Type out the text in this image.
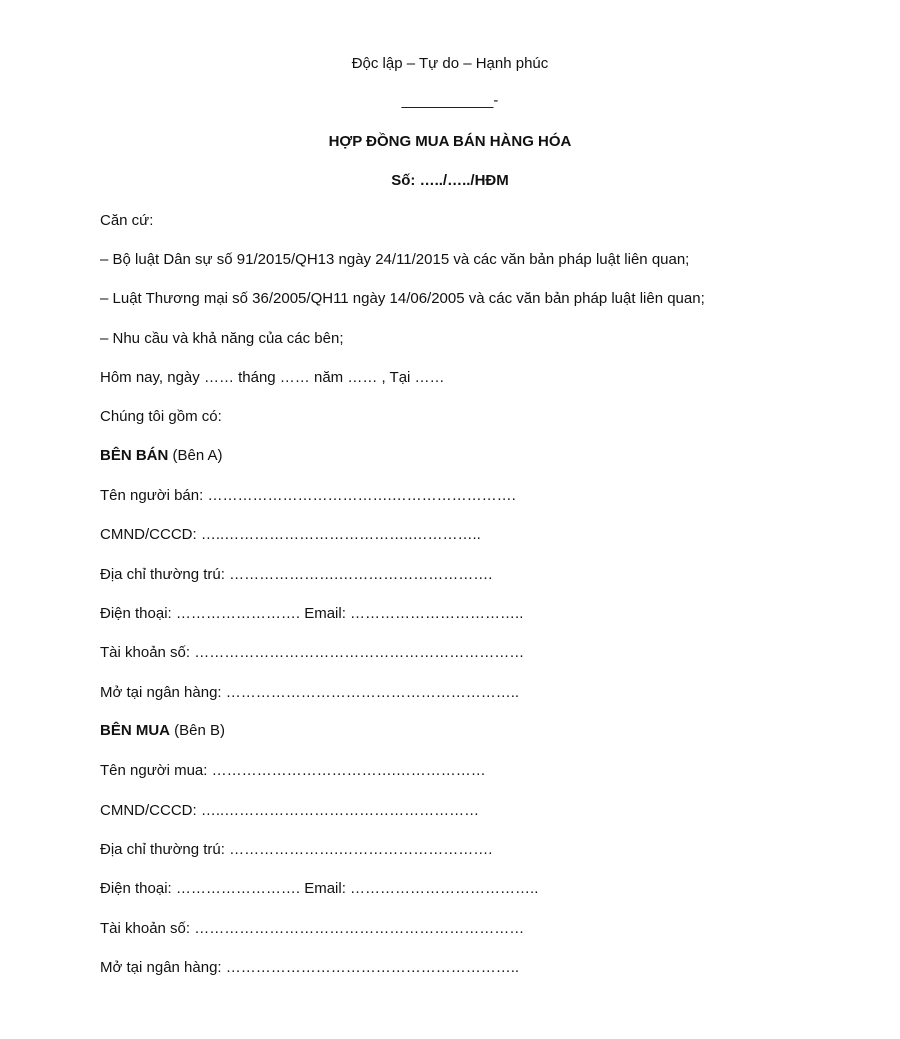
Độc lập – Tự do – Hạnh phúc

___________-

HỢP ĐỒNG MUA BÁN HÀNG HÓA

Số: …../…../HĐM

Căn cứ:

– Bộ luật Dân sự số 91/2015/QH13 ngày 24/11/2015 và các văn bản pháp luật liên quan;

– Luật Thương mại số 36/2005/QH11 ngày 14/06/2005 và các văn bản pháp luật liên quan;

– Nhu cầu và khả năng của các bên;

Hôm nay, ngày …… tháng …… năm …… , Tại ……

Chúng tôi gồm có:

BÊN BÁN (Bên A)

Tên người bán: ……………………………….…………………….

CMND/CCCD: …..………………………………..…………..

Địa chỉ thường trú: ………………….………………………….

Điện thoại: ……………………. Email: ……………………………..

Tài khoản số: …………………………………………………………

Mở tại ngân hàng: …………………………………………………..

BÊN MUA (Bên B)

Tên người mua: ……………………………….………………

CMND/CCCD: …..……………………………………………

Địa chỉ thường trú: ………………….………………………….

Điện thoại: ……………………. Email: ………………………………..

Tài khoản số: …………………………………………………………

Mở tại ngân hàng: …………………………………………………..
